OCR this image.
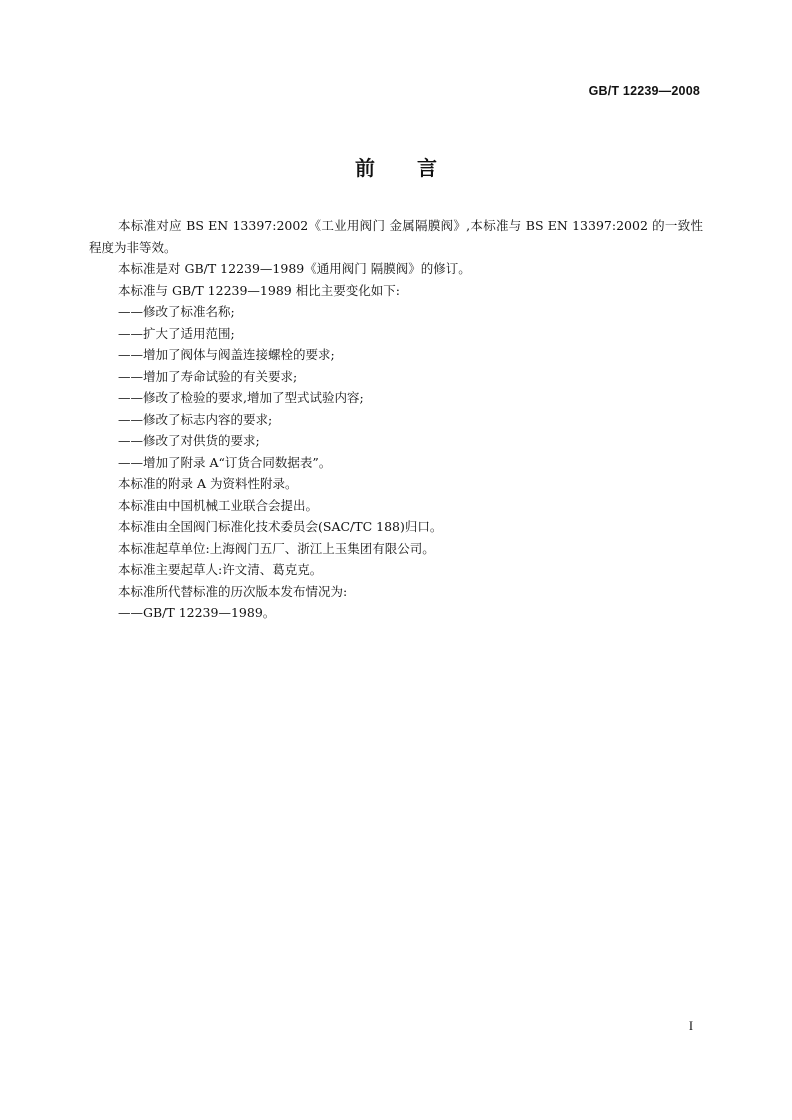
GB/T 12239—2008
前言

本标准对应 BS EN 13397:2002《工业用阀门 金属隔膜阀》,本标准与 BS EN 13397:2002 的一致性程度为非等效。

本标准是对 GB/T 12239—1989《通用阀门 隔膜阀》的修订。

本标准与 GB/T 12239—1989 相比主要变化如下:

——修改了标准名称;

——扩大了适用范围;

——增加了阀体与阀盖连接螺栓的要求;

——增加了寿命试验的有关要求;

——修改了检验的要求,增加了型式试验内容;

——修改了标志内容的要求;

——修改了对供货的要求;

——增加了附录 A“订货合同数据表”。

本标准的附录 A 为资料性附录。

本标准由中国机械工业联合会提出。

本标准由全国阀门标准化技术委员会(SAC/TC 188)归口。

本标准起草单位:上海阀门五厂、浙江上玉集团有限公司。

本标准主要起草人:许文清、葛克克。

本标准所代替标准的历次版本发布情况为:

——GB/T 12239—1989。

I
